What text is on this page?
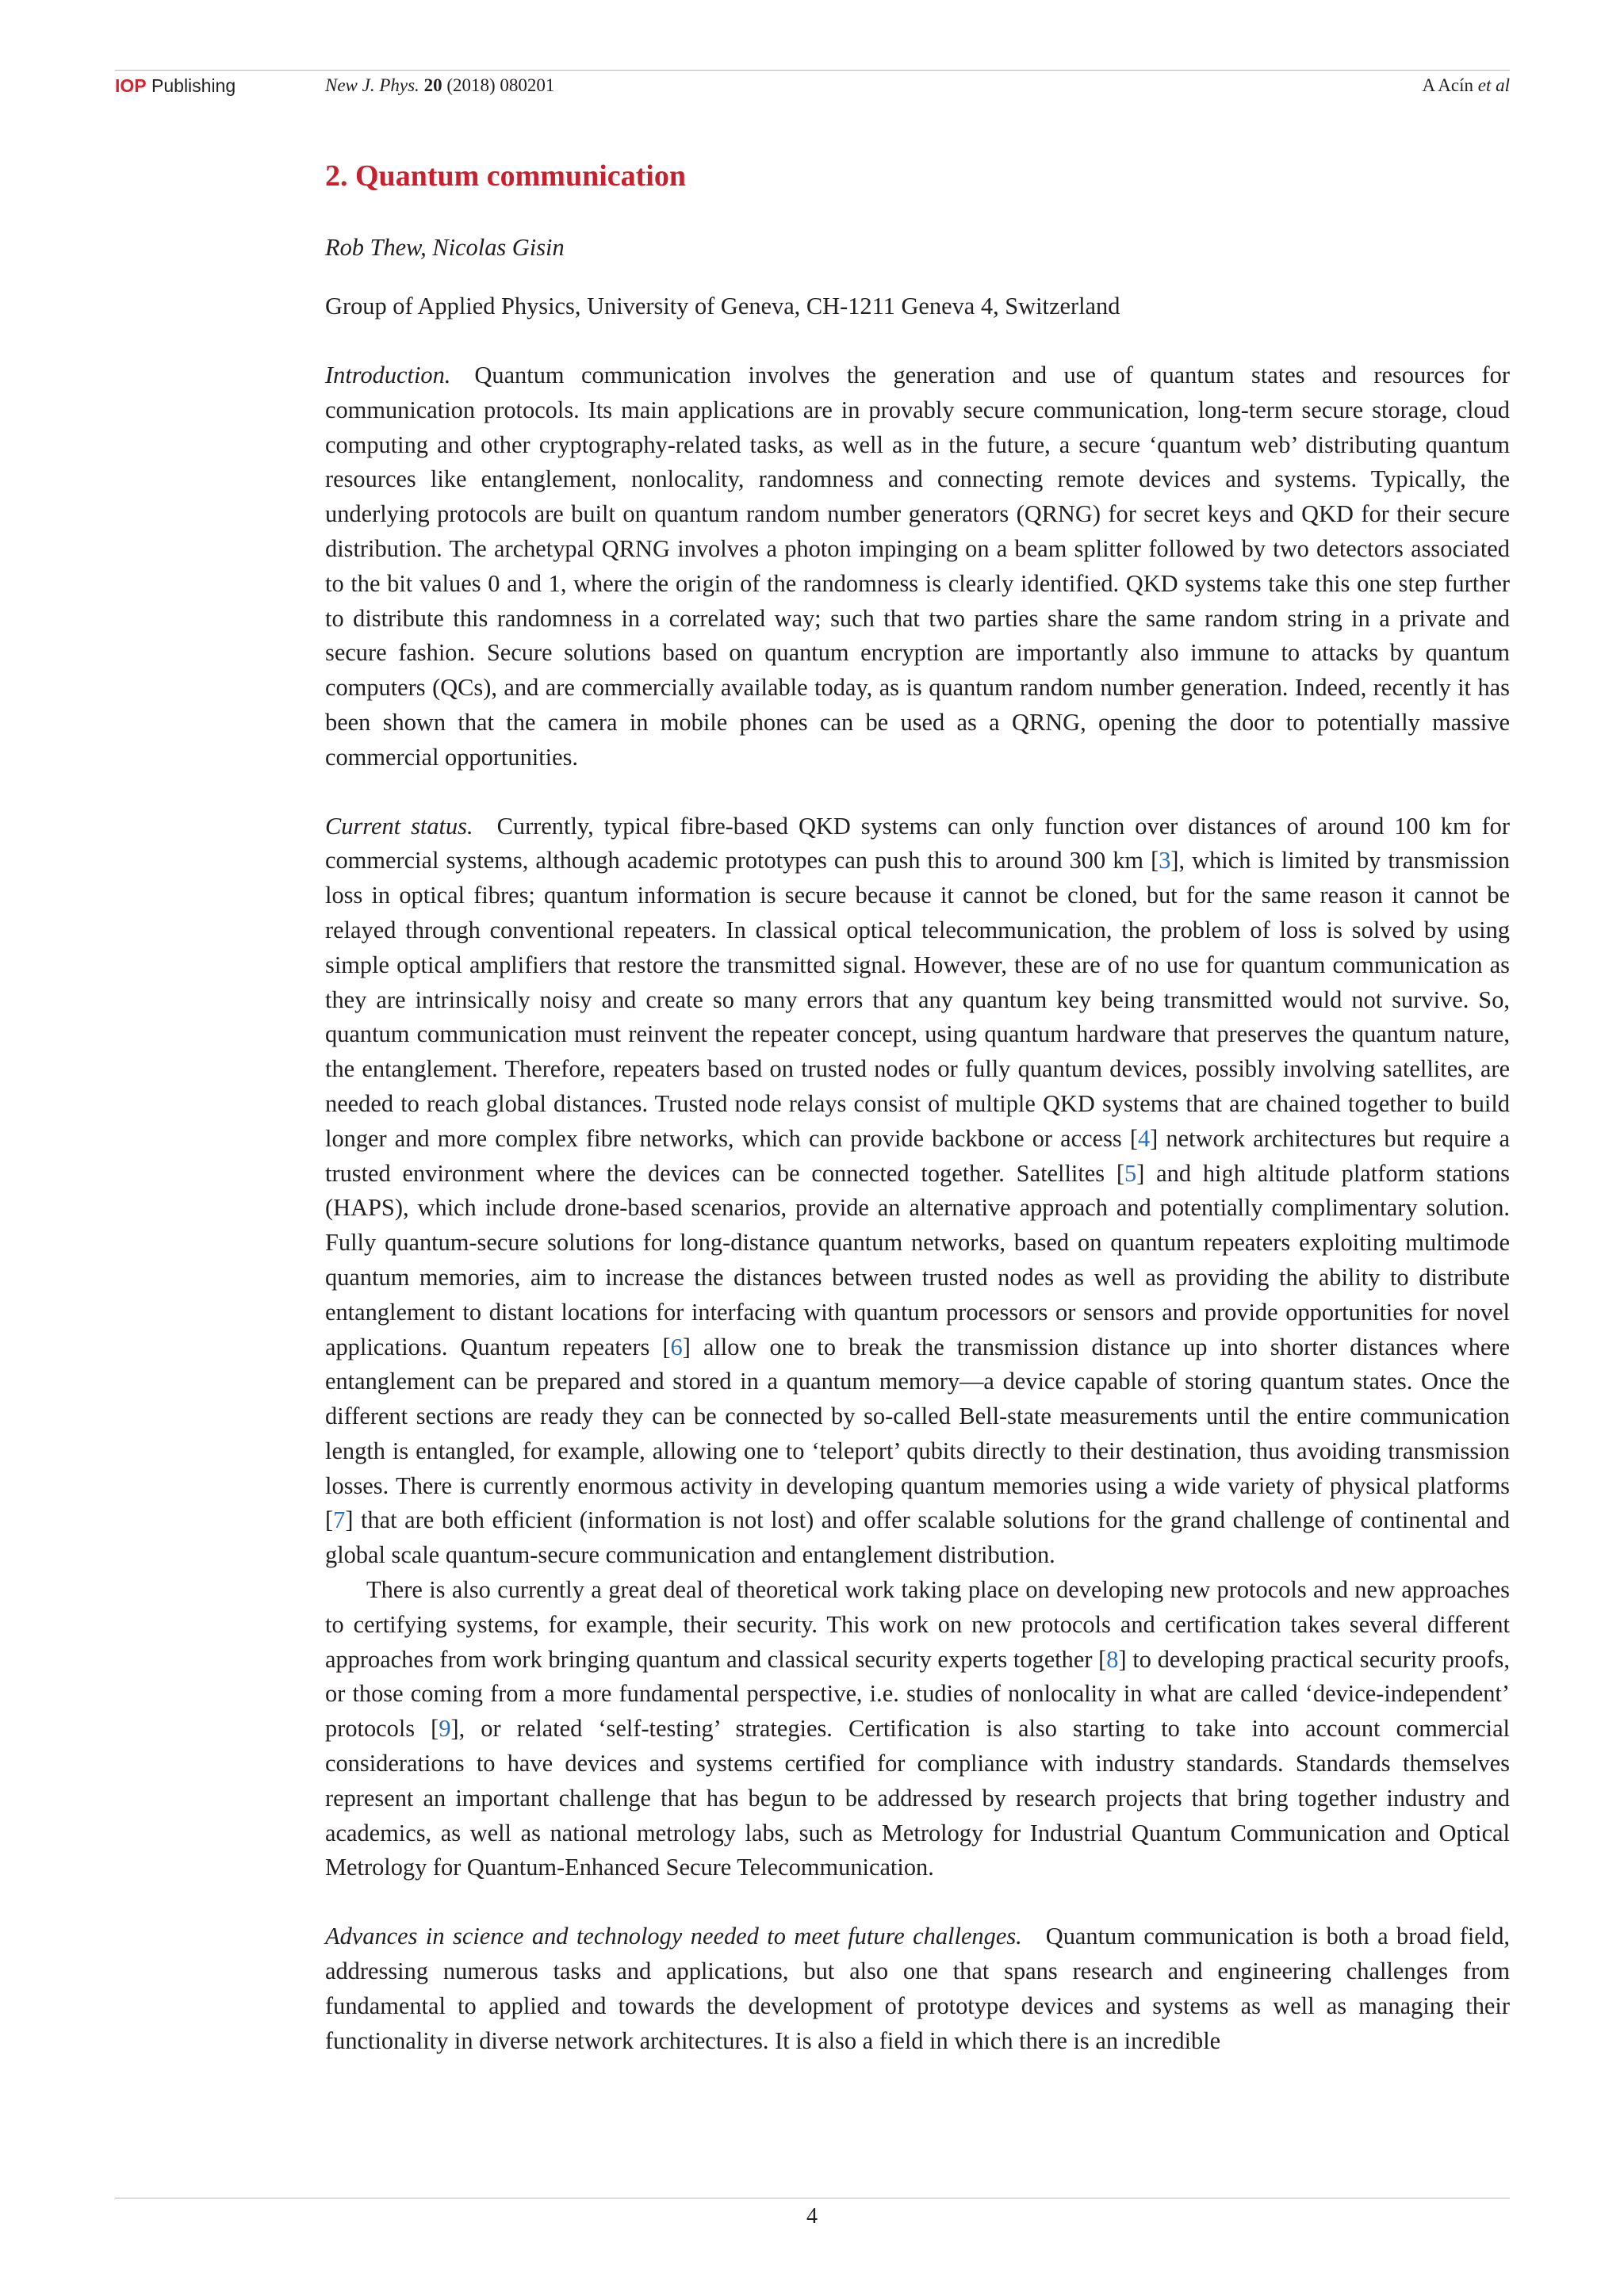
IOP Publishing	New J. Phys. 20 (2018) 080201	A Acín et al
2. Quantum communication

Rob Thew, Nicolas Gisin

Group of Applied Physics, University of Geneva, CH-1211 Geneva 4, Switzerland

Introduction. Quantum communication involves the generation and use of quantum states and resources for communication protocols. Its main applications are in provably secure communication, long-term secure storage, cloud computing and other cryptography-related tasks, as well as in the future, a secure ‘quantum web’ distributing quantum resources like entanglement, nonlocality, randomness and connecting remote devices and systems. Typically, the underlying protocols are built on quantum random number generators (QRNG) for secret keys and QKD for their secure distribution. The archetypal QRNG involves a photon impinging on a beam splitter followed by two detectors associated to the bit values 0 and 1, where the origin of the randomness is clearly identified. QKD systems take this one step further to distribute this randomness in a correlated way; such that two parties share the same random string in a private and secure fashion. Secure solutions based on quantum encryption are importantly also immune to attacks by quantum computers (QCs), and are commercially available today, as is quantum random number generation. Indeed, recently it has been shown that the camera in mobile phones can be used as a QRNG, opening the door to potentially massive commercial opportunities.

Current status. Currently, typical fibre-based QKD systems can only function over distances of around 100 km for commercial systems, although academic prototypes can push this to around 300 km [3], which is limited by transmission loss in optical fibres; quantum information is secure because it cannot be cloned, but for the same reason it cannot be relayed through conventional repeaters. In classical optical telecommunication, the problem of loss is solved by using simple optical amplifiers that restore the transmitted signal. However, these are of no use for quantum communication as they are intrinsically noisy and create so many errors that any quantum key being transmitted would not survive. So, quantum communication must reinvent the repeater concept, using quantum hardware that preserves the quantum nature, the entanglement. Therefore, repeaters based on trusted nodes or fully quantum devices, possibly involving satellites, are needed to reach global distances. Trusted node relays consist of multiple QKD systems that are chained together to build longer and more complex fibre networks, which can provide backbone or access [4] network architectures but require a trusted environment where the devices can be connected together. Satellites [5] and high altitude platform stations (HAPS), which include drone-based scenarios, provide an alternative approach and potentially complimentary solution. Fully quantum-secure solutions for long-distance quantum networks, based on quantum repeaters exploiting multimode quantum memories, aim to increase the distances between trusted nodes as well as providing the ability to distribute entanglement to distant locations for interfacing with quantum processors or sensors and provide opportunities for novel applications. Quantum repeaters [6] allow one to break the transmission distance up into shorter distances where entanglement can be prepared and stored in a quantum memory—a device capable of storing quantum states. Once the different sections are ready they can be connected by so-called Bell-state measurements until the entire communication length is entangled, for example, allowing one to ‘teleport’ qubits directly to their destination, thus avoiding transmission losses. There is currently enormous activity in developing quantum memories using a wide variety of physical platforms [7] that are both efficient (information is not lost) and offer scalable solutions for the grand challenge of continental and global scale quantum-secure communication and entanglement distribution.

There is also currently a great deal of theoretical work taking place on developing new protocols and new approaches to certifying systems, for example, their security. This work on new protocols and certification takes several different approaches from work bringing quantum and classical security experts together [8] to developing practical security proofs, or those coming from a more fundamental perspective, i.e. studies of nonlocality in what are called ‘device-independent’ protocols [9], or related ‘self-testing’ strategies. Certification is also starting to take into account commercial considerations to have devices and systems certified for compliance with industry standards. Standards themselves represent an important challenge that has begun to be addressed by research projects that bring together industry and academics, as well as national metrology labs, such as Metrology for Industrial Quantum Communication and Optical Metrology for Quantum-Enhanced Secure Telecommunication.

Advances in science and technology needed to meet future challenges. Quantum communication is both a broad field, addressing numerous tasks and applications, but also one that spans research and engineering challenges from fundamental to applied and towards the development of prototype devices and systems as well as managing their functionality in diverse network architectures. It is also a field in which there is an incredible

4
